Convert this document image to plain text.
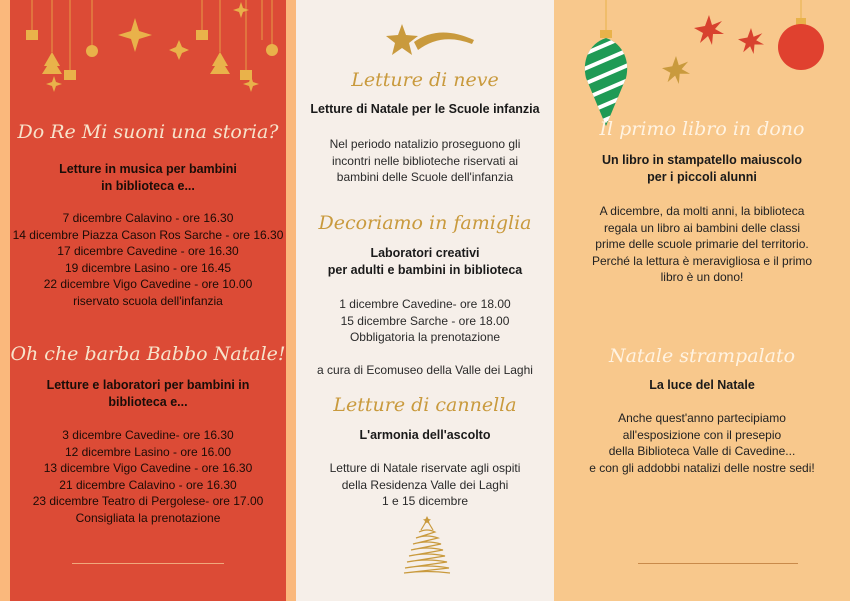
Do Re Mi suoni una storia?
Letture in musica per bambini
in biblioteca e...
7 dicembre Calavino - ore 16.30
14 dicembre Piazza Cason Ros Sarche - ore 16.30
17 dicembre Cavedine - ore 16.30
19 dicembre Lasino - ore 16.45
22 dicembre Vigo Cavedine - ore 10.00
riservato scuola dell'infanzia
Oh che barba Babbo Natale!
Letture e laboratori per bambini in
biblioteca e...
3 dicembre Cavedine- ore 16.30
12 dicembre Lasino - ore 16.00
13 dicembre Vigo Cavedine - ore 16.30
21 dicembre Calavino - ore 16.30
23 dicembre Teatro di Pergolese- ore 17.00
Consigliata la prenotazione
Letture di neve
Letture di Natale per le Scuole infanzia
Nel periodo natalizio proseguono gli
incontri nelle biblioteche riservati ai
bambini delle Scuole dell'infanzia
Decoriamo in famiglia
Laboratori creativi
per adulti e bambini in biblioteca
1 dicembre Cavedine- ore 18.00
15 dicembre Sarche - ore 18.00
Obbligatoria la prenotazione
a cura di Ecomuseo della Valle dei Laghi
Letture di cannella
L'armonia dell'ascolto
Letture di Natale riservate agli ospiti
della Residenza Valle dei Laghi
1 e 15 dicembre
Il primo libro in dono
Un libro in stampatello maiuscolo
per i piccoli alunni
A dicembre, da molti anni, la biblioteca
regala un libro ai bambini delle classi
prime delle scuole primarie del territorio.
Perché la lettura è meravigliosa e il primo
libro è un dono!
Natale strampalato
La luce del Natale
Anche quest'anno partecipiamo
all'esposizione con il presepio
della Biblioteca Valle di Cavedine...
e con gli addobbi natalizi delle nostre sedi!
